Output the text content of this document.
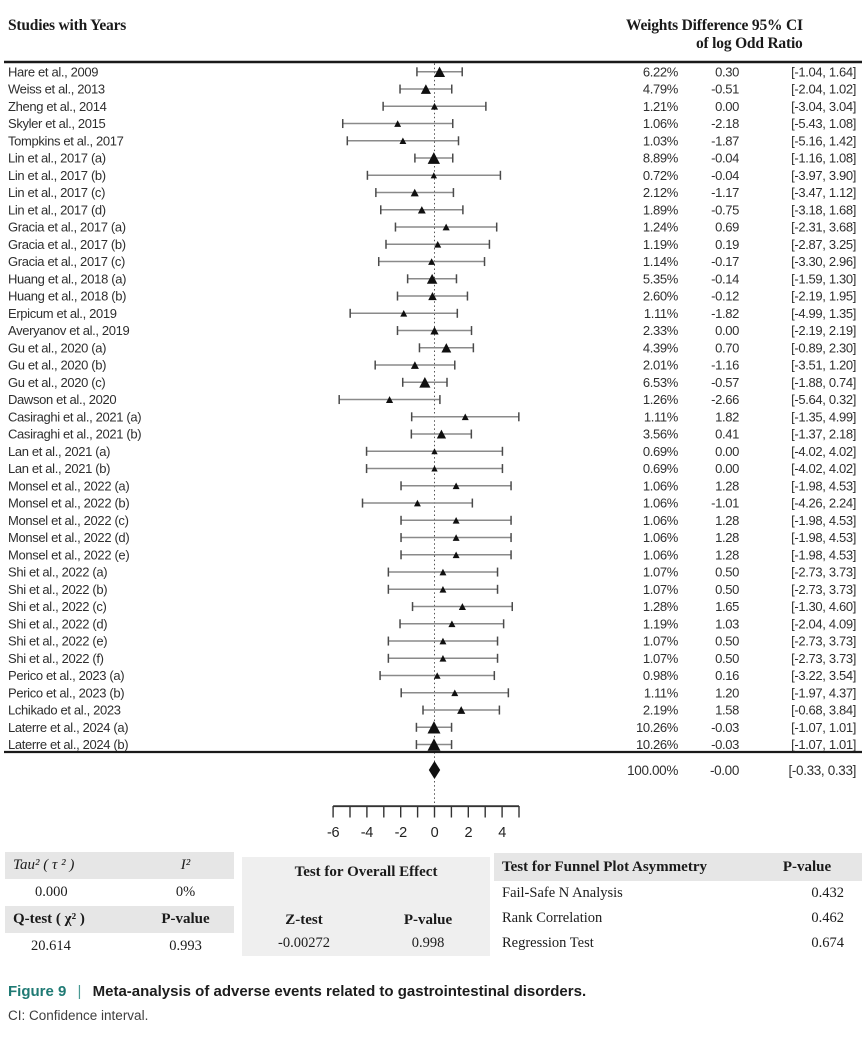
Studies with Years	Weights Difference 95% CI
of log Odd Ratio
Hare et al., 2009	6.22%	0.30	[-1.04, 1.64]
Weiss et al., 2013	4.79%	-0.51	[-2.04, 1.02]
Zheng et al., 2014	1.21%	0.00	[-3.04, 3.04]
Skyler et al., 2015	1.06%	-2.18	[-5.43, 1.08]
Tompkins et al., 2017	1.03%	-1.87	[-5.16, 1.42]
Lin et al., 2017 (a)	8.89%	-0.04	[-1.16, 1.08]
Lin et al., 2017 (b)	0.72%	-0.04	[-3.97, 3.90]
Lin et al., 2017 (c)	2.12%	-1.17	[-3.47, 1.12]
Lin et al., 2017 (d)	1.89%	-0.75	[-3.18, 1.68]
Gracia et al., 2017 (a)	1.24%	0.69	[-2.31, 3.68]
Gracia et al., 2017 (b)	1.19%	0.19	[-2.87, 3.25]
Gracia et al., 2017 (c)	1.14%	-0.17	[-3.30, 2.96]
Huang et al., 2018 (a)	5.35%	-0.14	[-1.59, 1.30]
Huang et al., 2018 (b)	2.60%	-0.12	[-2.19, 1.95]
Erpicum et al., 2019	1.11%	-1.82	[-4.99, 1.35]
Averyanov et al., 2019	2.33%	0.00	[-2.19, 2.19]
Gu et al., 2020 (a)	4.39%	0.70	[-0.89, 2.30]
Gu et al., 2020 (b)	2.01%	-1.16	[-3.51, 1.20]
Gu et al., 2020 (c)	6.53%	-0.57	[-1.88, 0.74]
Dawson et al., 2020	1.26%	-2.66	[-5.64, 0.32]
Casiraghi et al., 2021 (a)	1.11%	1.82	[-1.35, 4.99]
Casiraghi et al., 2021 (b)	3.56%	0.41	[-1.37, 2.18]
Lan et al., 2021 (a)	0.69%	0.00	[-4.02, 4.02]
Lan et al., 2021 (b)	0.69%	0.00	[-4.02, 4.02]
Monsel et al., 2022 (a)	1.06%	1.28	[-1.98, 4.53]
Monsel et al., 2022 (b)	1.06%	-1.01	[-4.26, 2.24]
Monsel et al., 2022 (c)	1.06%	1.28	[-1.98, 4.53]
Monsel et al., 2022 (d)	1.06%	1.28	[-1.98, 4.53]
Monsel et al., 2022 (e)	1.06%	1.28	[-1.98, 4.53]
Shi et al., 2022 (a)	1.07%	0.50	[-2.73, 3.73]
Shi et al., 2022 (b)	1.07%	0.50	[-2.73, 3.73]
Shi et al., 2022 (c)	1.28%	1.65	[-1.30, 4.60]
Shi et al., 2022 (d)	1.19%	1.03	[-2.04, 4.09]
Shi et al., 2022 (e)	1.07%	0.50	[-2.73, 3.73]
Shi et al., 2022 (f)	1.07%	0.50	[-2.73, 3.73]
Perico et al., 2023 (a)	0.98%	0.16	[-3.22, 3.54]
Perico et al., 2023 (b)	1.11%	1.20	[-1.97, 4.37]
Lchikado et al., 2023	2.19%	1.58	[-0.68, 3.84]
Laterre et al., 2024 (a)	10.26%	-0.03	[-1.07, 1.01]
Laterre et al., 2024 (b)	10.26%	-0.03	[-1.07, 1.01]
100.00% -0.00	[-0.33, 0.33]
-6 -4 -2 0 2 4
Tau² ( τ ² )	I²
0.000	0%
Q-test ( χ² )	P-value
20.614	0.993
Test for Overall Effect
Z-test	P-value
-0.00272	0.998
Test for Funnel Plot Asymmetry	P-value
Fail-Safe N Analysis	0.432
Rank Correlation	0.462
Regression Test	0.674
Figure 9 | Meta-analysis of adverse events related to gastrointestinal disorders.
CI: Confidence interval.
